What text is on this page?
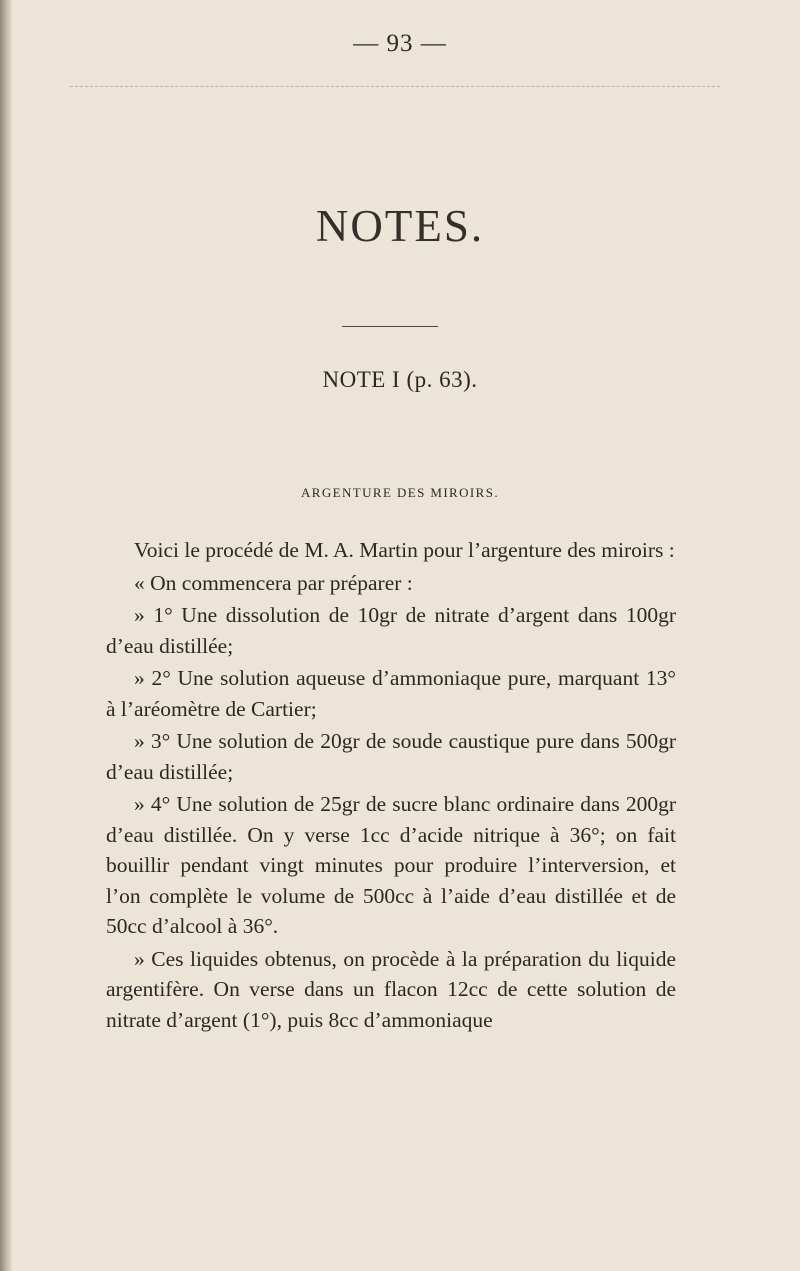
— 93 —
NOTES.
NOTE I (p. 63).
ARGENTURE DES MIROIRS.

Voici le procédé de M. A. Martin pour l’argenture des miroirs :

« On commencera par préparer :

» 1° Une dissolution de 10gr de nitrate d’argent dans 100gr d’eau distillée;

» 2° Une solution aqueuse d’ammoniaque pure, marquant 13° à l’aréomètre de Cartier;

» 3° Une solution de 20gr de soude caustique pure dans 500gr d’eau distillée;

» 4° Une solution de 25gr de sucre blanc ordinaire dans 200gr d’eau distillée. On y verse 1cc d’acide nitrique à 36°; on fait bouillir pendant vingt minutes pour produire l’interversion, et l’on complète le volume de 500cc à l’aide d’eau distillée et de 50cc d’alcool à 36°.

» Ces liquides obtenus, on procède à la préparation du liquide argentifère. On verse dans un flacon 12cc de cette solution de nitrate d’argent (1°), puis 8cc d’ammoniaque
